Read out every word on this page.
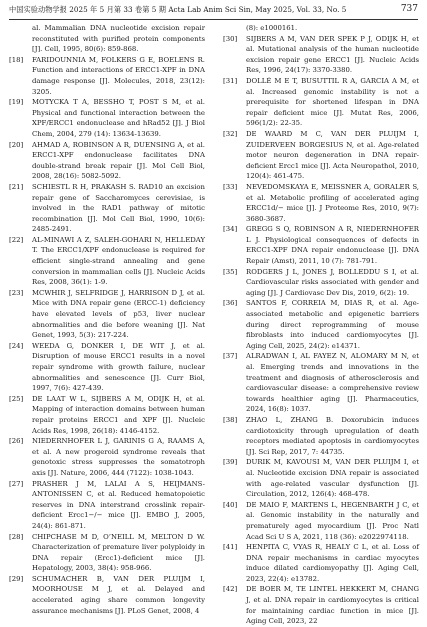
中国实验动物学报 2025 年 5 月第 33 卷第 5 期 Acta Lab Anim Sci Sin, May 2025, Vol. 33, No. 5	737
al. Mammalian DNA nucleotide excision repair reconstituted with purified protein components [J]. Cell, 1995, 80(6): 859-868.
[18] FARIDOUNNIA M, FOLKERS G E, BOELENS R. Function and interactions of ERCC1-XPF in DNA damage response [J]. Molecules, 2018, 23(12): 3205.
[19] MOTYCKA T A, BESSHO T, POST S M, et al. Physical and functional interaction between the XPF/ERCC1 endonuclease and hRad52 [J]. J Biol Chem, 2004, 279 (14): 13634-13639.
[20] AHMAD A, ROBINSON A R, DUENSING A, et al. ERCC1-XPF endonuclease facilitates DNA double-strand break repair [J]. Mol Cell Biol, 2008, 28(16): 5082-5092.
[21] SCHIESTL R H, PRAKASH S. RAD10 an excision repair gene of Saccharomyces cerevisiae, is involved in the RAD1 pathway of mitotic recombination [J]. Mol Cell Biol, 1990, 10(6): 2485-2491.
[22] AL-MINAWI A Z, SALEH-GOHARI N, HELLEDAY T. The ERCC1/XPF endonuclease is required for efficient single-strand annealing and gene conversion in mammalian cells [J]. Nucleic Acids Res, 2008, 36(1): 1-9.
[23] MCWHIR J, SELFRIDGE J, HARRISON D J, et al. Mice with DNA repair gene (ERCC-1) deficiency have elevated levels of p53, liver nuclear abnormalities and die before weaning [J]. Nat Genet, 1993, 5(3): 217-224.
[24] WEEDA G, DONKER I, DE WIT J, et al. Disruption of mouse ERCC1 results in a novel repair syndrome with growth failure, nuclear abnormalities and senescence [J]. Curr Biol, 1997, 7(6): 427-439.
[25] DE LAAT W L, SIJBERS A M, ODIJK H, et al. Mapping of interaction domains between human repair proteins ERCC1 and XPF [J]. Nucleic Acids Res, 1998, 26(18): 4146-4152.
[26] NIEDERNHOFER L J, GARINIS G A, RAAMS A, et al. A new progeroid syndrome reveals that genotoxic stress suppresses the somatotroph axis [J]. Nature, 2006, 444 (7122): 1038-1043.
[27] PRASHER J M, LALAI A S, HEIJMANS-ANTONISSEN C, et al. Reduced hematopoietic reserves in DNA interstrand crosslink repair-deficient Ercc1−/− mice [J]. EMBO J, 2005, 24(4): 861-871.
[28] CHIPCHASE M D, O’NEILL M, MELTON D W. Characterization of premature liver polyploidy in DNA repair (Ercc1)-deficient mice [J]. Hepatology, 2003, 38(4): 958-966.
[29] SCHUMACHER B, VAN DER PLUIJM I, MOORHOUSE M J, et al. Delayed and accelerated aging share common longevity assurance mechanisms [J]. PLoS Genet, 2008, 4
(8): e1000161.
[30] SIJBERS A M, VAN DER SPEK P J, ODIJK H, et al. Mutational analysis of the human nucleotide excision repair gene ERCC1 [J]. Nucleic Acids Res, 1996, 24(17): 3370-3380.
[31] DOLLÉ M E T, BUSUTTIL R A, GARCIA A M, et al. Increased genomic instability is not a prerequisite for shortened lifespan in DNA repair deficient mice [J]. Mutat Res, 2006, 596(1/2): 22-35.
[32] DE WAARD M C, VAN DER PLUIJM I, ZUIDERVEEN BORGESIUS N, et al. Age-related motor neuron degeneration in DNA repair-deficient Ercc1 mice [J]. Acta Neuropathol, 2010, 120(4): 461-475.
[33] NEVEDOMSKAYA E, MEISSNER A, GORALER S, et al. Metabolic profiling of accelerated aging ERCC1d/− mice [J]. J Proteome Res, 2010, 9(7): 3680-3687.
[34] GREGG S Q, ROBINSON A R, NIEDERNHOFER L J. Physiological consequences of defects in ERCC1-XPF DNA repair endonuclease [J]. DNA Repair (Amst), 2011, 10 (7): 781-791.
[35] RODGERS J L, JONES J, BOLLEDDU S I, et al. Cardiovascular risks associated with gender and aging [J]. J Cardiovasc Dev Dis, 2019, 6(2): 19.
[36] SANTOS F, CORREIA M, DIAS R, et al. Age-associated metabolic and epigenetic barriers during direct reprogramming of mouse fibroblasts into induced cardiomyocytes [J]. Aging Cell, 2025, 24(2): e14371.
[37] ALRADWAN I, AL FAYEZ N, ALOMARY M N, et al. Emerging trends and innovations in the treatment and diagnosis of atherosclerosis and cardiovascular disease: a comprehensive review towards healthier aging [J]. Pharmaceutics, 2024, 16(8): 1037.
[38] ZHAO L, ZHANG B. Doxorubicin induces cardiotoxicity through upregulation of death receptors mediated apoptosis in cardiomyocytes [J]. Sci Rep, 2017, 7: 44735.
[39] DURIK M, KAVOUSI M, VAN DER PLUIJM I, et al. Nucleotide excision DNA repair is associated with age-related vascular dysfunction [J]. Circulation, 2012, 126(4): 468-478.
[40] DE MAIO F, MARTENS L, HEGENBARTH J C, et al. Genomic instability in the naturally and prematurely aged myocardium [J]. Proc Natl Acad Sci U S A, 2021, 118 (36): e2022974118.
[41] HENPITA C, VYAS R, HEALY C L, et al. Loss of DNA repair mechanisms in cardiac myocytes induce dilated cardiomyopathy [J]. Aging Cell, 2023, 22(4): e13782.
[42] DE BOER M, TE LINTEL HEKKERT M, CHANG J, et al. DNA repair in cardiomyocytes is critical for maintaining cardiac function in mice [J]. Aging Cell, 2023, 22
